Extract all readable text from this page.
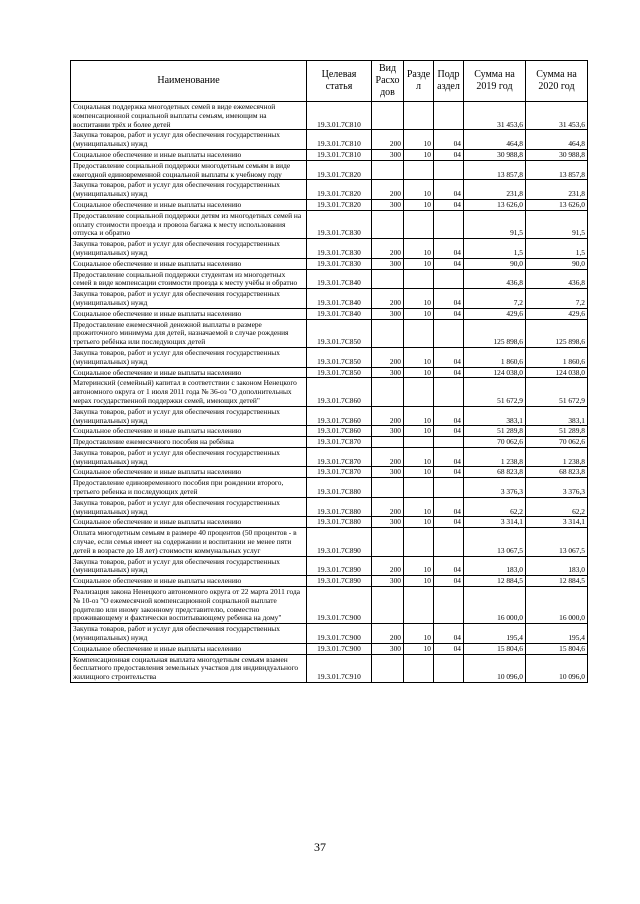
Наименование	Целевая статья	Вид Расхо дов	Разде л	Подр аздел	Сумма на 2019 год	Сумма на 2020 год
Социальная поддержка многодетных семей в виде ежемесячной компенсационной социальной выплаты семьям, имеющим на воспитании трёх и более детей	19.3.01.7С810				31 453,6	31 453,6
Закупка товаров, работ и услуг для обеспечения государственных (муниципальных) нужд	19.3.01.7С810	200	10	04	464,8	464,8
Социальное обеспечение и иные выплаты населению	19.3.01.7С810	300	10	04	30 988,8	30 988,8
Предоставление социальной поддержки многодетным семьям в виде ежегодной единовременной социальной выплаты к учебному году	19.3.01.7С820				13 857,8	13 857,8
Закупка товаров, работ и услуг для обеспечения государственных (муниципальных) нужд	19.3.01.7С820	200	10	04	231,8	231,8
Социальное обеспечение и иные выплаты населению	19.3.01.7С820	300	10	04	13 626,0	13 626,0
Предоставление социальной поддержки детям из многодетных семей на оплату стоимости проезда и провоза багажа к месту использования отпуска и обратно	19.3.01.7С830				91,5	91,5
Закупка товаров, работ и услуг для обеспечения государственных (муниципальных) нужд	19.3.01.7С830	200	10	04	1,5	1,5
Социальное обеспечение и иные выплаты населению	19.3.01.7С830	300	10	04	90,0	90,0
Предоставление социальной поддержки студентам из многодетных семей в виде компенсации стоимости проезда к месту учёбы и обратно	19.3.01.7С840				436,8	436,8
Закупка товаров, работ и услуг для обеспечения государственных (муниципальных) нужд	19.3.01.7С840	200	10	04	7,2	7,2
Социальное обеспечение и иные выплаты населению	19.3.01.7С840	300	10	04	429,6	429,6
Предоставление ежемесячной денежной выплаты в размере прожиточного минимума для детей, назначаемой в случае рождения третьего ребёнка или последующих детей	19.3.01.7С850				125 898,6	125 898,6
Закупка товаров, работ и услуг для обеспечения государственных (муниципальных) нужд	19.3.01.7С850	200	10	04	1 860,6	1 860,6
Социальное обеспечение и иные выплаты населению	19.3.01.7С850	300	10	04	124 038,0	124 038,0
Материнский (семейный) капитал в соответствии с законом Ненецкого автономного округа от 1 июля 2011 года № 36-оз "О дополнительных мерах государственной поддержки семей, имеющих детей"	19.3.01.7С860				51 672,9	51 672,9
Закупка товаров, работ и услуг для обеспечения государственных (муниципальных) нужд	19.3.01.7С860	200	10	04	383,1	383,1
Социальное обеспечение и иные выплаты населению	19.3.01.7С860	300	10	04	51 289,8	51 289,8
Предоставление ежемесячного пособия на ребёнка	19.3.01.7С870				70 062,6	70 062,6
Закупка товаров, работ и услуг для обеспечения государственных (муниципальных) нужд	19.3.01.7С870	200	10	04	1 238,8	1 238,8
Социальное обеспечение и иные выплаты населению	19.3.01.7С870	300	10	04	68 823,8	68 823,8
Предоставление единовременного пособия при рождении второго, третьего ребенка и последующих детей	19.3.01.7С880				3 376,3	3 376,3
Закупка товаров, работ и услуг для обеспечения государственных (муниципальных) нужд	19.3.01.7С880	200	10	04	62,2	62,2
Социальное обеспечение и иные выплаты населению	19.3.01.7С880	300	10	04	3 314,1	3 314,1
Оплата многодетным семьям в размере 40 процентов (50 процентов - в случае, если семья имеет на содержании и воспитании не менее пяти детей в возрасте до 18 лет) стоимости коммунальных услуг	19.3.01.7С890				13 067,5	13 067,5
Закупка товаров, работ и услуг для обеспечения государственных (муниципальных) нужд	19.3.01.7С890	200	10	04	183,0	183,0
Социальное обеспечение и иные выплаты населению	19.3.01.7С890	300	10	04	12 884,5	12 884,5
Реализация закона Ненецкого автономного округа от 22 марта 2011 года № 10-оз "О ежемесячной компенсационной социальной выплате родителю или иному законному представителю, совместно проживающему и фактически воспитывающему ребенка на дому"	19.3.01.7С900				16 000,0	16 000,0
Закупка товаров, работ и услуг для обеспечения государственных (муниципальных) нужд	19.3.01.7С900	200	10	04	195,4	195,4
Социальное обеспечение и иные выплаты населению	19.3.01.7С900	300	10	04	15 804,6	15 804,6
Компенсационная социальная выплата многодетным семьям взамен бесплатного предоставления земельных участков для индивидуального жилищного строительства	19.3.01.7С910				10 096,0	10 096,0
37
